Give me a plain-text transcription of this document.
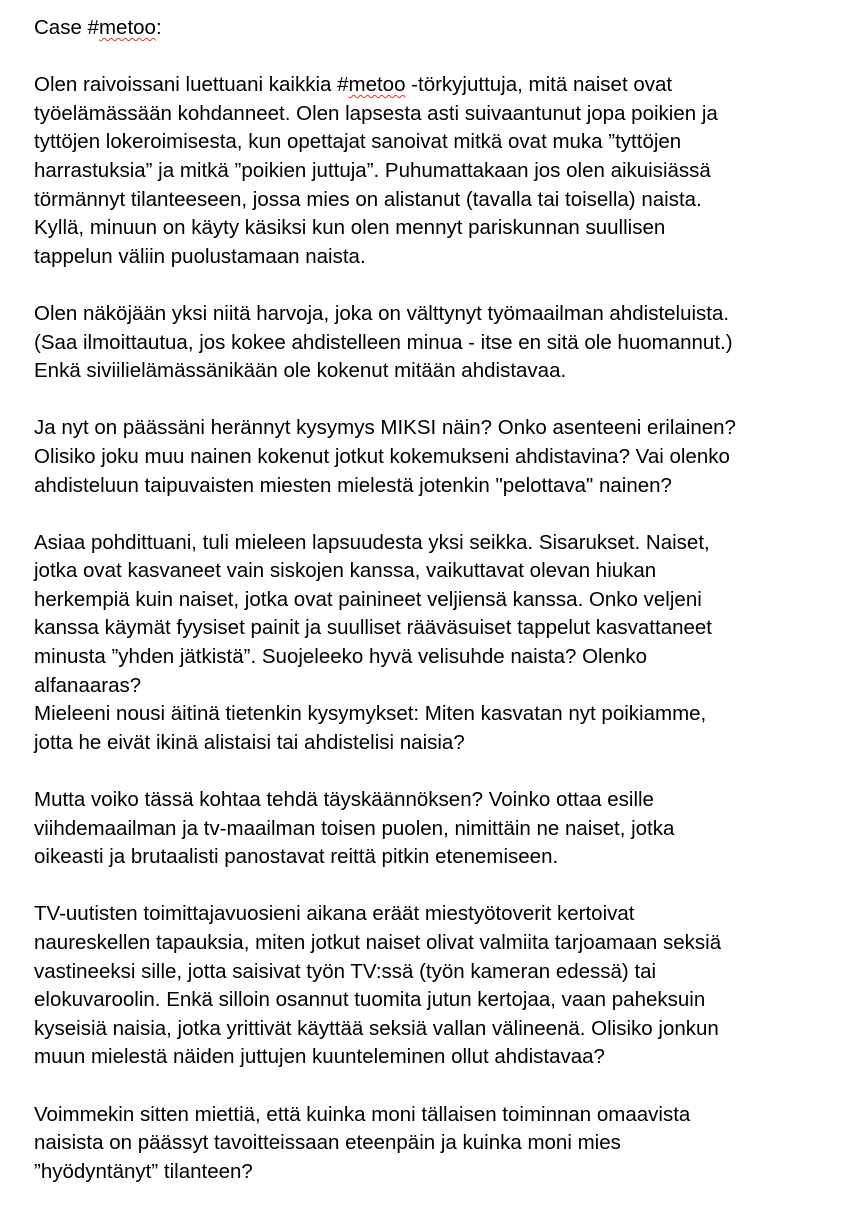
Case #metoo:
Olen raivoissani luettuani kaikkia #metoo -törkyjuttuja, mitä naiset ovat
työelämässään kohdanneet. Olen lapsesta asti suivaantunut jopa poikien ja
tyttöjen lokeroimisesta, kun opettajat sanoivat mitkä ovat muka ”tyttöjen
harrastuksia” ja mitkä ”poikien juttuja”. Puhumattakaan jos olen aikuisiässä
törmännyt tilanteeseen, jossa mies on alistanut (tavalla tai toisella) naista.
Kyllä, minuun on käyty käsiksi kun olen mennyt pariskunnan suullisen
tappelun väliin puolustamaan naista.
Olen näköjään yksi niitä harvoja, joka on välttynyt työmaailman ahdisteluista.
(Saa ilmoittautua, jos kokee ahdistelleen minua - itse en sitä ole huomannut.)
Enkä siviilielämässänikään ole kokenut mitään ahdistavaa.
Ja nyt on päässäni herännyt kysymys MIKSI näin? Onko asenteeni erilainen?
Olisiko joku muu nainen kokenut jotkut kokemukseni ahdistavina? Vai olenko
ahdisteluun taipuvaisten miesten mielestä jotenkin "pelottava" nainen?
Asiaa pohdittuani, tuli mieleen lapsuudesta yksi seikka. Sisarukset. Naiset,
jotka ovat kasvaneet vain siskojen kanssa, vaikuttavat olevan hiukan
herkempiä kuin naiset, jotka ovat painineet veljiensä kanssa. Onko veljeni
kanssa käymät fyysiset painit ja suulliset rääväsuiset tappelut kasvattaneet
minusta ”yhden jätkistä”. Suojeleeko hyvä velisuhde naista? Olenko
alfanaaras?
Mieleeni nousi äitinä tietenkin kysymykset: Miten kasvatan nyt poikiamme,
jotta he eivät ikinä alistaisi tai ahdistelisi naisia?
Mutta voiko tässä kohtaa tehdä täyskäännöksen? Voinko ottaa esille
viihdemaailman ja tv-maailman toisen puolen, nimittäin ne naiset, jotka
oikeasti ja brutaalisti panostavat reittä pitkin etenemiseen.
TV-uutisten toimittajavuosieni aikana eräät miestyötoverit kertoivat
naureskellen tapauksia, miten jotkut naiset olivat valmiita tarjoamaan seksiä
vastineeksi sille, jotta saisivat työn TV:ssä (työn kameran edessä) tai
elokuvaroolin. Enkä silloin osannut tuomita jutun kertojaa, vaan paheksuin
kyseisiä naisia, jotka yrittivät käyttää seksiä vallan välineenä. Olisiko jonkun
muun mielestä näiden juttujen kuunteleminen ollut ahdistavaa?
Voimmekin sitten miettiä, että kuinka moni tällaisen toiminnan omaavista
naisista on päässyt tavoitteissaan eteenpäin ja kuinka moni mies
”hyödyntänyt” tilanteen?
